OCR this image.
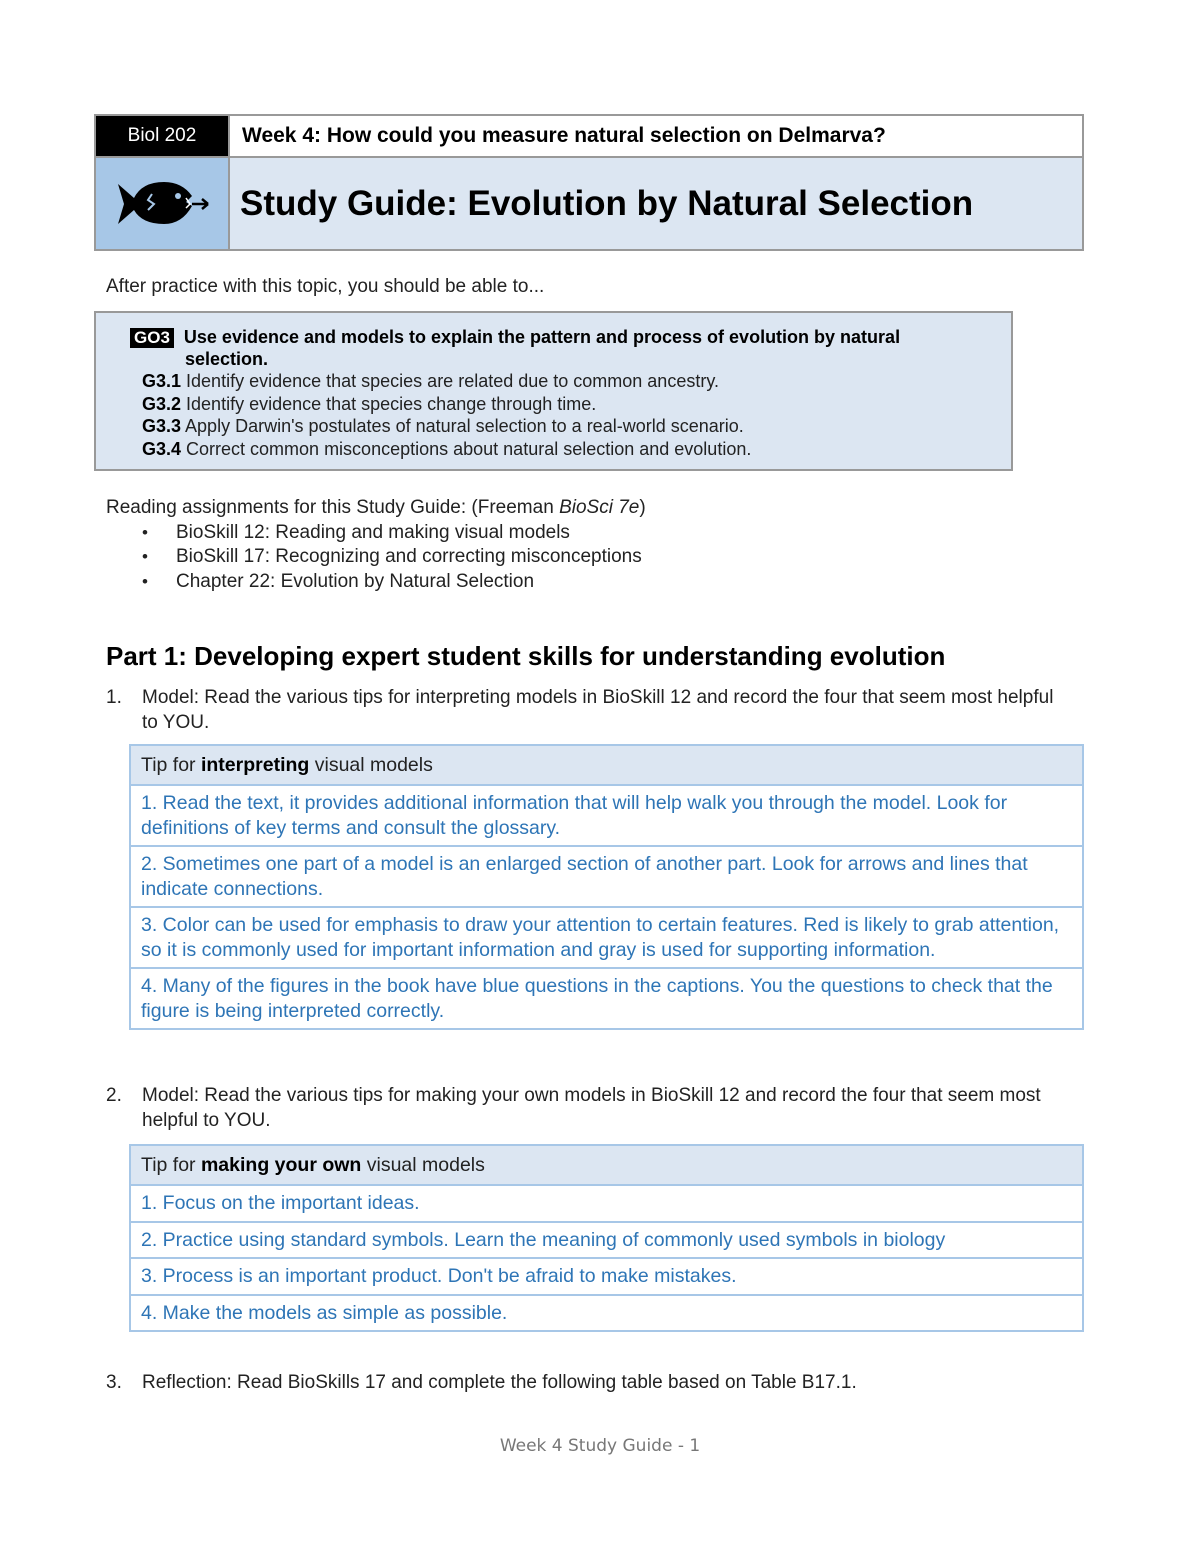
Biol 202	Week 4: How could you measure natural selection on Delmarva?
Study Guide: Evolution by Natural Selection
After practice with this topic, you should be able to...
GO3 Use evidence and models to explain the pattern and process of evolution by natural
selection.
G3.1 Identify evidence that species are related due to common ancestry.
G3.2 Identify evidence that species change through time.
G3.3 Apply Darwin's postulates of natural selection to a real-world scenario.
G3.4 Correct common misconceptions about natural selection and evolution.
Reading assignments for this Study Guide: (Freeman BioSci 7e)
• BioSkill 12: Reading and making visual models
• BioSkill 17: Recognizing and correcting misconceptions
• Chapter 22: Evolution by Natural Selection
Part 1: Developing expert student skills for understanding evolution
1. Model: Read the various tips for interpreting models in BioSkill 12 and record the four that seem most helpful to YOU.
Tip for interpreting visual models
1. Read the text, it provides additional information that will help walk you through the model. Look for definitions of key terms and consult the glossary.
2. Sometimes one part of a model is an enlarged section of another part. Look for arrows and lines that indicate connections.
3. Color can be used for emphasis to draw your attention to certain features. Red is likely to grab attention, so it is commonly used for important information and gray is used for supporting information.
4. Many of the figures in the book have blue questions in the captions. You the questions to check that the figure is being interpreted correctly.
2. Model: Read the various tips for making your own models in BioSkill 12 and record the four that seem most helpful to YOU.
Tip for making your own visual models
1. Focus on the important ideas.
2. Practice using standard symbols. Learn the meaning of commonly used symbols in biology
3. Process is an important product. Don't be afraid to make mistakes.
4. Make the models as simple as possible.
3. Reflection: Read BioSkills 17 and complete the following table based on Table B17.1.
Week 4 Study Guide - 1
